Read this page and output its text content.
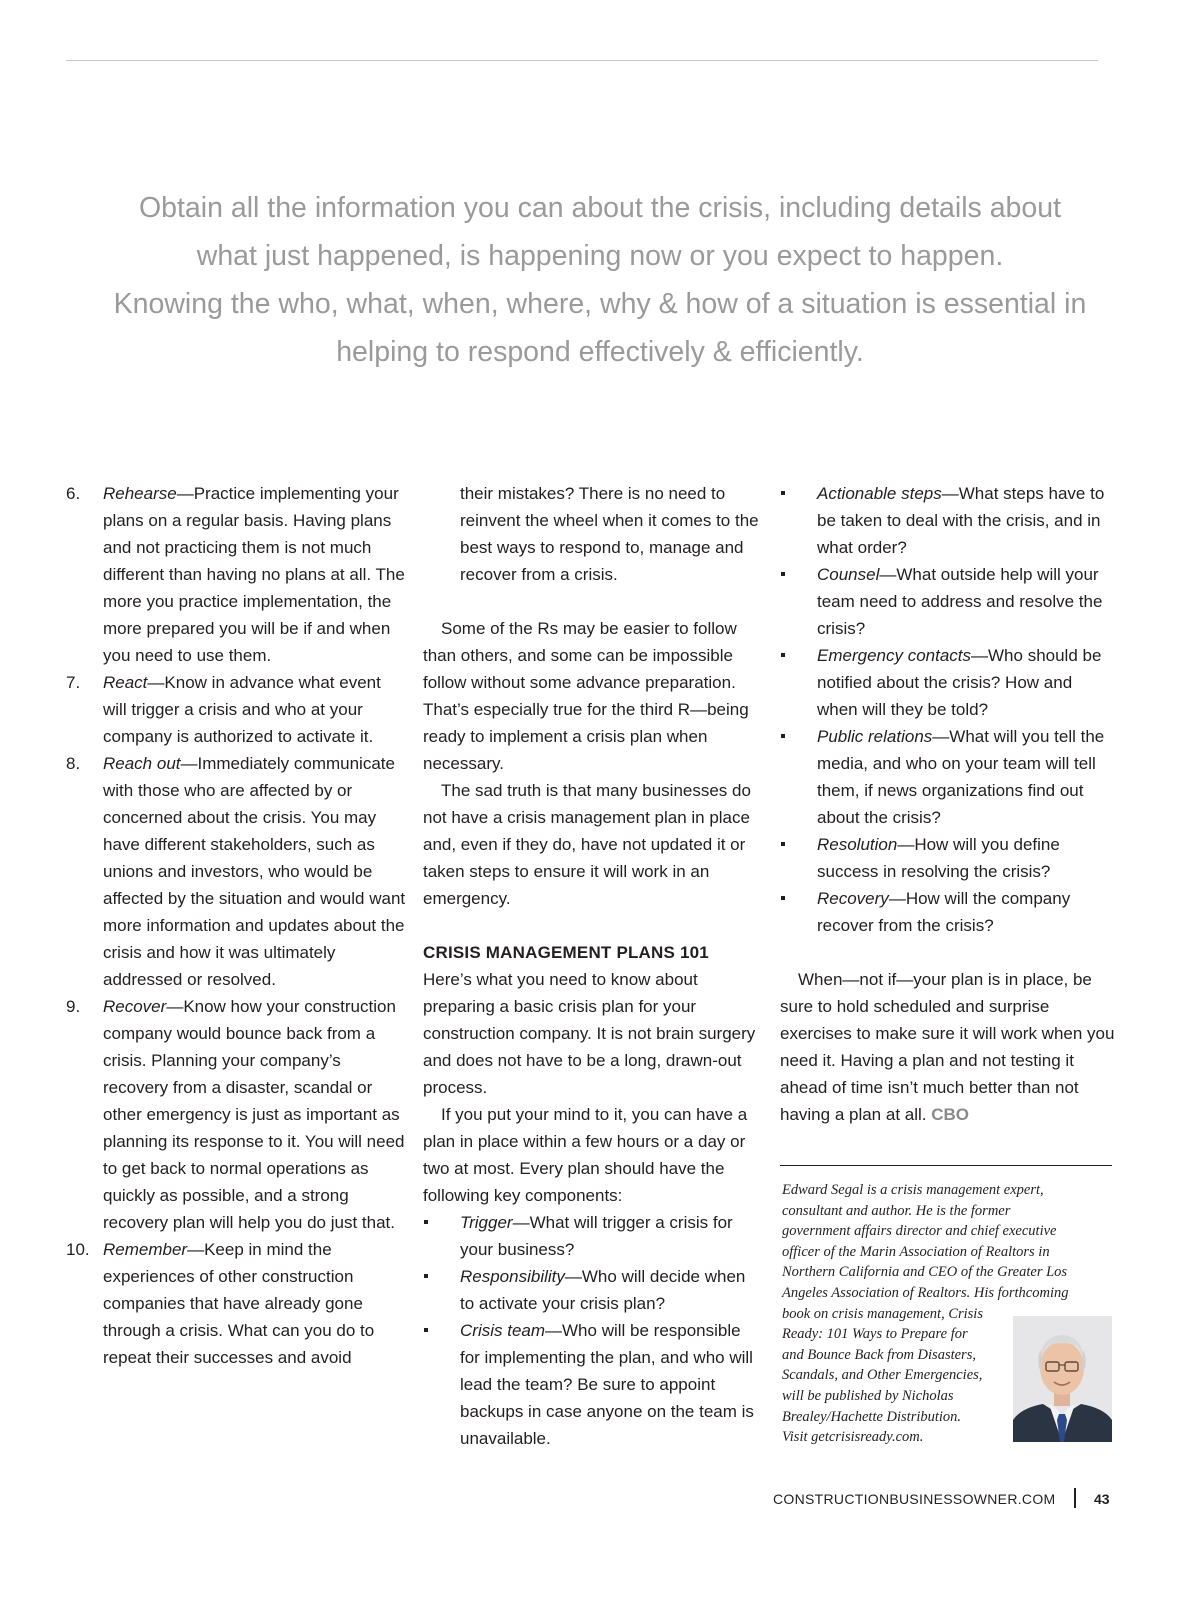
Obtain all the information you can about the crisis, including details about
what just happened, is happening now or you expect to happen.
Knowing the who, what, when, where, why & how of a situation is essential in
helping to respond effectively & efficiently.
6. Rehearse—Practice implementing your plans on a regular basis. Having plans and not practicing them is not much different than having no plans at all. The more you practice implementation, the more prepared you will be if and when you need to use them.
7. React—Know in advance what event will trigger a crisis and who at your company is authorized to activate it.
8. Reach out—Immediately communicate with those who are affected by or concerned about the crisis. You may have different stakeholders, such as unions and investors, who would be affected by the situation and would want more information and updates about the crisis and how it was ultimately addressed or resolved.
9. Recover—Know how your construction company would bounce back from a crisis. Planning your company’s recovery from a disaster, scandal or other emergency is just as important as planning its response to it. You will need to get back to normal operations as quickly as possible, and a strong recovery plan will help you do just that.
10. Remember—Keep in mind the experiences of other construction companies that have already gone through a crisis. What can you do to repeat their successes and avoid
their mistakes? There is no need to reinvent the wheel when it comes to the best ways to respond to, manage and recover from a crisis.

Some of the Rs may be easier to follow than others, and some can be impossible follow without some advance preparation. That’s especially true for the third R—being ready to implement a crisis plan when necessary.

The sad truth is that many businesses do not have a crisis management plan in place and, even if they do, have not updated it or taken steps to ensure it will work in an emergency.

CRISIS MANAGEMENT PLANS 101

Here’s what you need to know about preparing a basic crisis plan for your construction company. It is not brain surgery and does not have to be a long, drawn-out process.

If you put your mind to it, you can have a plan in place within a few hours or a day or two at most. Every plan should have the following key components:

Trigger—What will trigger a crisis for your business?
Responsibility—Who will decide when to activate your crisis plan?
Crisis team—Who will be responsible for implementing the plan, and who will lead the team? Be sure to appoint backups in case anyone on the team is unavailable.
Actionable steps—What steps have to be taken to deal with the crisis, and in what order?
Counsel—What outside help will your team need to address and resolve the crisis?
Emergency contacts—Who should be notified about the crisis? How and when will they be told?
Public relations—What will you tell the media, and who on your team will tell them, if news organizations find out about the crisis?
Resolution—How will you define success in resolving the crisis?
Recovery—How will the company recover from the crisis?

When—not if—your plan is in place, be sure to hold scheduled and surprise exercises to make sure it will work when you need it. Having a plan and not testing it ahead of time isn’t much better than not having a plan at all. CBO

Edward Segal is a crisis management expert,
consultant and author. He is the former
government affairs director and chief executive
officer of the Marin Association of Realtors in
Northern California and CEO of the Greater Los
Angeles Association of Realtors. His forthcoming
book on crisis management, Crisis
Ready: 101 Ways to Prepare for
and Bounce Back from Disasters,
Scandals, and Other Emergencies,
will be published by Nicholas
Brealey/Hachette Distribution.
Visit getcrisisready.com.
CONSTRUCTIONBUSINESSOWNER.COM	43
